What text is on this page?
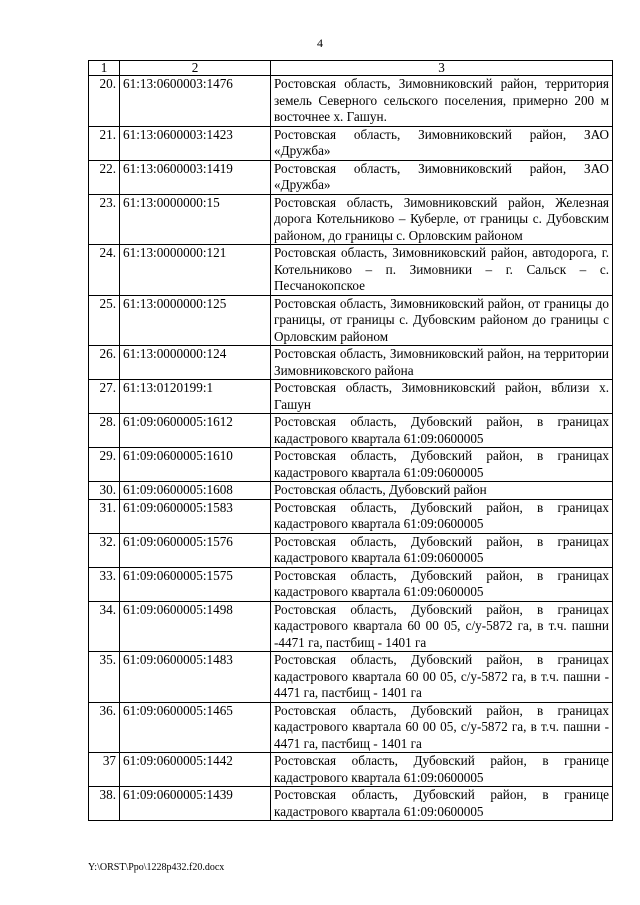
4
1	2	3
20.	61:13:0600003:1476	Ростовская область, Зимовниковский район, территория земель Северного сельского поселения, примерно 200 м восточнее х. Гашун.
21.	61:13:0600003:1423	Ростовская область, Зимовниковский район, ЗАО «Дружба»
22.	61:13:0600003:1419	Ростовская область, Зимовниковский район, ЗАО «Дружба»
23.	61:13:0000000:15	Ростовская область, Зимовниковский район, Железная дорога Котельниково – Куберле, от границы с. Дубовским районом, до границы с. Орловским районом
24.	61:13:0000000:121	Ростовская область, Зимовниковский район, автодорога, г. Котельниково – п. Зимовники – г. Сальск – с. Песчанокопское
25.	61:13:0000000:125	Ростовская область, Зимовниковский район, от границы до границы, от границы с. Дубовским районом до границы с Орловским районом
26.	61:13:0000000:124	Ростовская область, Зимовниковский район, на территории Зимовниковского района
27.	61:13:0120199:1	Ростовская область, Зимовниковский район, вблизи х. Гашун
28.	61:09:0600005:1612	Ростовская область, Дубовский район, в границах кадастрового квартала 61:09:0600005
29.	61:09:0600005:1610	Ростовская область, Дубовский район, в границах кадастрового квартала 61:09:0600005
30.	61:09:0600005:1608	Ростовская область, Дубовский район
31.	61:09:0600005:1583	Ростовская область, Дубовский район, в границах кадастрового квартала 61:09:0600005
32.	61:09:0600005:1576	Ростовская область, Дубовский район, в границах кадастрового квартала 61:09:0600005
33.	61:09:0600005:1575	Ростовская область, Дубовский район, в границах кадастрового квартала 61:09:0600005
34.	61:09:0600005:1498	Ростовская область, Дубовский район, в границах кадастрового квартала 60 00 05, с/у-5872 га, в т.ч. пашни -4471 га, пастбищ - 1401 га
35.	61:09:0600005:1483	Ростовская область, Дубовский район, в границах кадастрового квартала 60 00 05, с/у-5872 га, в т.ч. пашни - 4471 га, пастбищ - 1401 га
36.	61:09:0600005:1465	Ростовская область, Дубовский район, в границах кадастрового квартала 60 00 05, с/у-5872 га, в т.ч. пашни - 4471 га, пастбищ - 1401 га
37	61:09:0600005:1442	Ростовская область, Дубовский район, в границе кадастрового квартала 61:09:0600005
38.	61:09:0600005:1439	Ростовская область, Дубовский район, в границе кадастрового квартала 61:09:0600005
Y:\ORST\Ppo\1228p432.f20.docx
